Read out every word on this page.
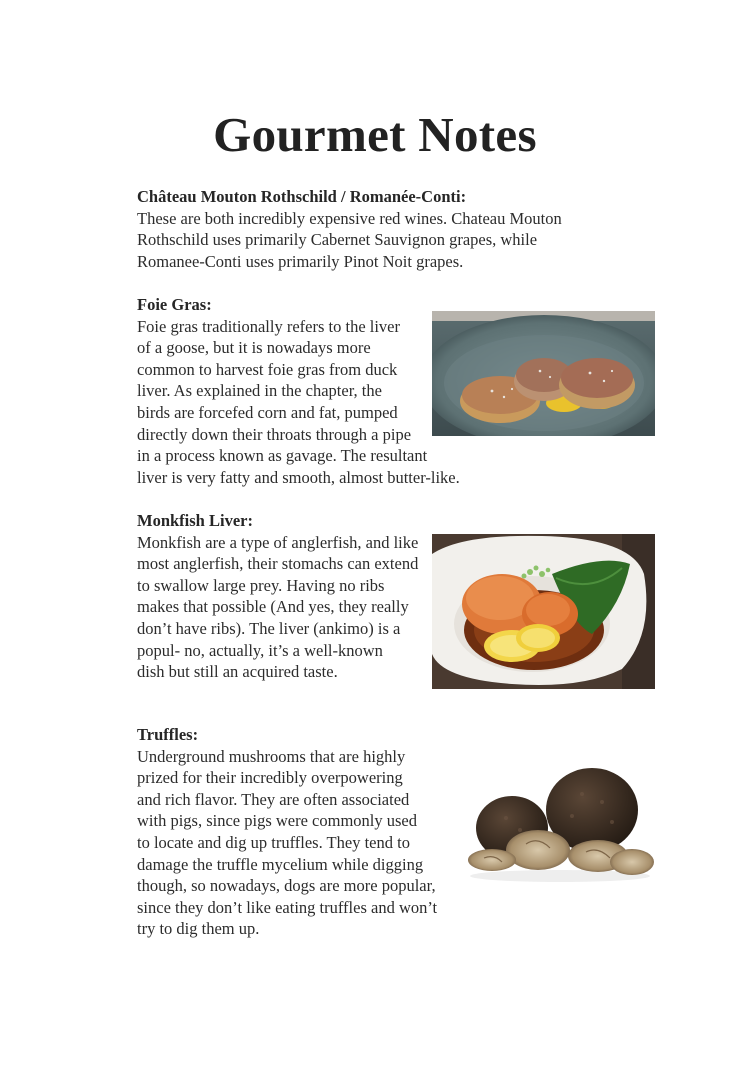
Gourmet Notes
Château Mouton Rothschild / Romanée-Conti:
These are both incredibly expensive red wines. Chateau Mouton
Rothschild uses primarily Cabernet Sauvignon grapes, while
Romanee-Conti uses primarily Pinot Noit grapes.
Foie Gras:
Foie gras traditionally refers to the liver
of a goose, but it is nowadays more
common to harvest foie gras from duck
liver. As explained in the chapter, the
birds are forcefed corn and fat, pumped
directly down their throats through a pipe
in a process known as gavage. The resultant
liver is very fatty and smooth, almost butter-like.
Monkfish Liver:
Monkfish are a type of anglerfish, and like
most anglerfish, their stomachs can extend
to swallow large prey. Having no ribs
makes that possible (And yes, they really
don’t have ribs). The liver (ankimo) is a
popul- no, actually, it’s a well-known
dish but still an acquired taste.
Truffles:
Underground mushrooms that are highly
prized for their incredibly overpowering
and rich flavor. They are often associated
with pigs, since pigs were commonly used
to locate and dig up truffles. They tend to
damage the truffle mycelium while digging
though, so nowadays, dogs are more popular,
since they don’t like eating truffles and won’t
try to dig them up.
